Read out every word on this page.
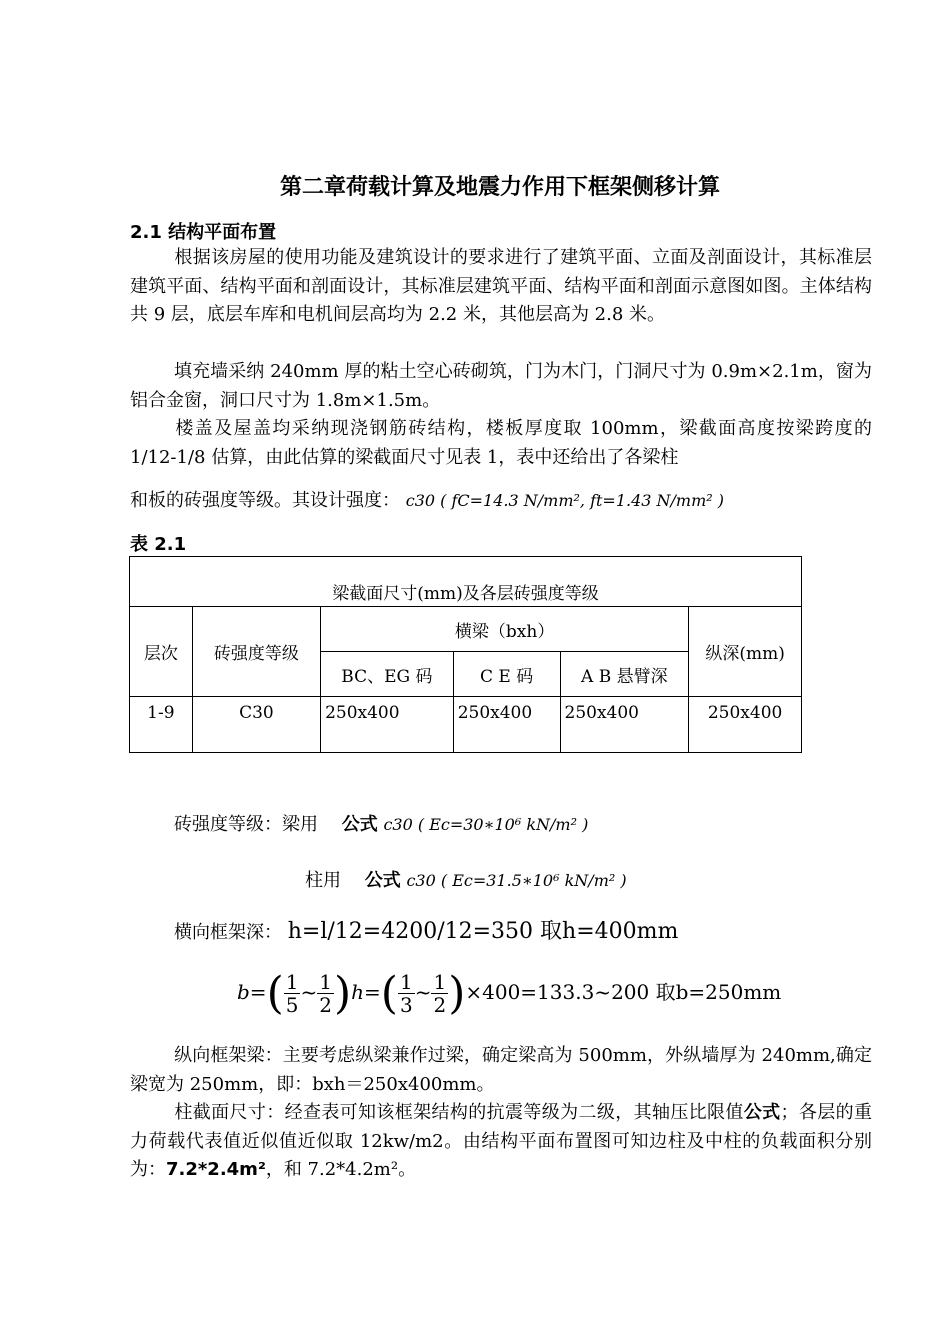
第二章荷载计算及地震力作用下框架侧移计算
2.1 结构平面布置
根据该房屋的使用功能及建筑设计的要求进行了建筑平面、立面及剖面设计，其标准层建筑平面、结构平面和剖面设计，其标准层建筑平面、结构平面和剖面示意图如图。主体结构共 9 层，底层车库和电机间层高均为 2.2 米，其他层高为 2.8 米。
填充墙采纳 240mm 厚的粘土空心砖砌筑，门为木门，门洞尺寸为 0.9m×2.1m，窗为铝合金窗，洞口尺寸为 1.8m×1.5m。
楼盖及屋盖均采纳现浇钢筋砖结构，楼板厚度取 100mm，梁截面高度按梁跨度的 1/12-1/8 估算，由此估算的梁截面尺寸见表 1，表中还给出了各梁柱
和板的砖强度等级。其设计强度： c30 ( fC=14.3 N/mm², ft=1.43 N/mm² )
表 2.1
梁截面尺寸(mm)及各层砖强度等级					
层次	砖强度等级	横梁（bxh）			纵深(mm)
		BC、EG 码	C E 码	A B 悬臂深	
1-9	C30	250x400	250x400	250x400	250x400
砖强度等级：梁用 公式 c30 ( Ec=30∗10⁶ kN/m² )
柱用 公式 c30 ( Ec=31.5∗10⁶ kN/m² )
横向框架深： h=l/12=4200/12=350 取h=400mm
$b=( \frac{1}{5}$ ~ $\frac{1}{2} )h=( \frac{1}{3}$ ~ $\frac{1}{2}$ )×400=133.3~200 取b=250mm
纵向框架梁：主要考虑纵梁兼作过梁，确定梁高为 500mm，外纵墙厚为 240mm,确定梁宽为 250mm，即：bxh＝250x400mm。
柱截面尺寸：经查表可知该框架结构的抗震等级为二级，其轴压比限值公式；各层的重力荷载代表值近似值近似取 12kw/m2。由结构平面布置图可知边柱及中柱的负载面积分别为：7.2*2.4m²，和 7.2*4.2m²。
